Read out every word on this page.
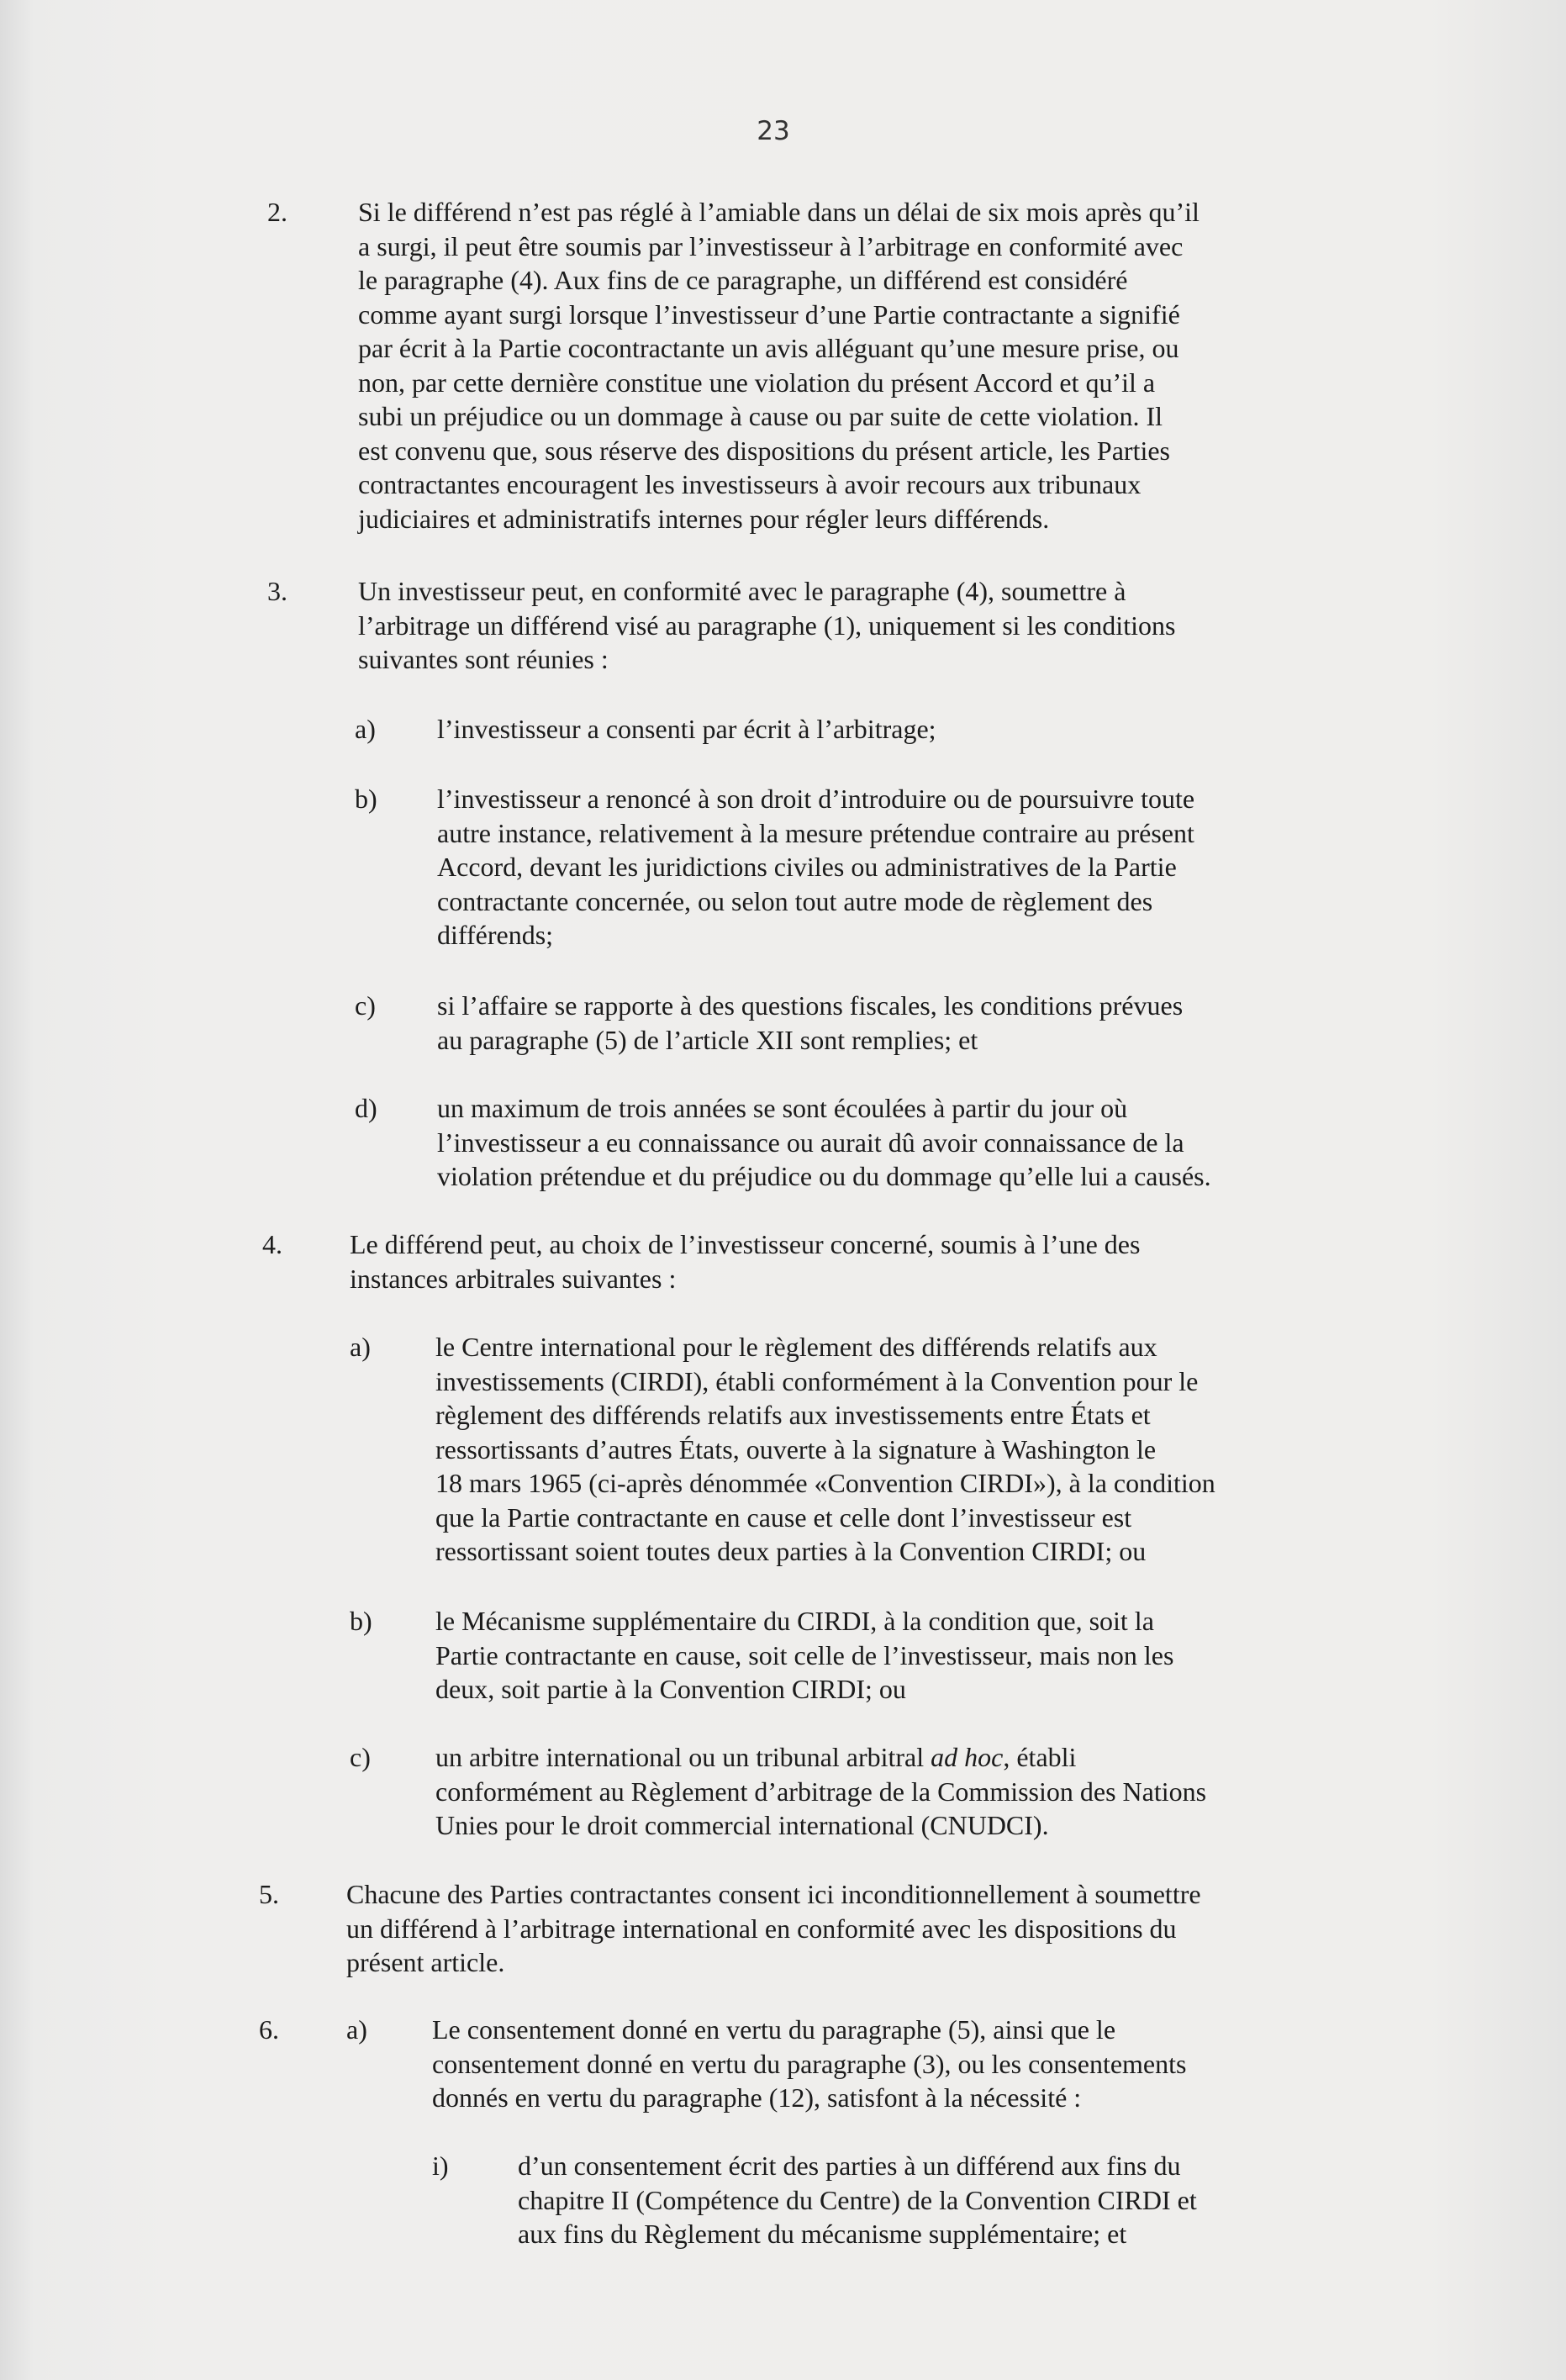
23
2.	Si le différend n’est pas réglé à l’amiable dans un délai de six mois après qu’il
a surgi, il peut être soumis par l’investisseur à l’arbitrage en conformité avec
le paragraphe (4). Aux fins de ce paragraphe, un différend est considéré
comme ayant surgi lorsque l’investisseur d’une Partie contractante a signifié
par écrit à la Partie cocontractante un avis alléguant qu’une mesure prise, ou
non, par cette dernière constitue une violation du présent Accord et qu’il a
subi un préjudice ou un dommage à cause ou par suite de cette violation. Il
est convenu que, sous réserve des dispositions du présent article, les Parties
contractantes encouragent les investisseurs à avoir recours aux tribunaux
judiciaires et administratifs internes pour régler leurs différends.
3.	Un investisseur peut, en conformité avec le paragraphe (4), soumettre à
l’arbitrage un différend visé au paragraphe (1), uniquement si les conditions
suivantes sont réunies :
a) l’investisseur a consenti par écrit à l’arbitrage;
b) l’investisseur a renoncé à son droit d’introduire ou de poursuivre toute
autre instance, relativement à la mesure prétendue contraire au présent
Accord, devant les juridictions civiles ou administratives de la Partie
contractante concernée, ou selon tout autre mode de règlement des
différends;
c) si l’affaire se rapporte à des questions fiscales, les conditions prévues
au paragraphe (5) de l’article XII sont remplies; et
d) un maximum de trois années se sont écoulées à partir du jour où
l’investisseur a eu connaissance ou aurait dû avoir connaissance de la
violation prétendue et du préjudice ou du dommage qu’elle lui a causés.
4.	Le différend peut, au choix de l’investisseur concerné, soumis à l’une des
instances arbitrales suivantes :
a) le Centre international pour le règlement des différends relatifs aux
investissements (CIRDI), établi conformément à la Convention pour le
règlement des différends relatifs aux investissements entre États et
ressortissants d’autres États, ouverte à la signature à Washington le
18 mars 1965 (ci-après dénommée «Convention CIRDI»), à la condition
que la Partie contractante en cause et celle dont l’investisseur est
ressortissant soient toutes deux parties à la Convention CIRDI; ou
b) le Mécanisme supplémentaire du CIRDI, à la condition que, soit la
Partie contractante en cause, soit celle de l’investisseur, mais non les
deux, soit partie à la Convention CIRDI; ou
c) un arbitre international ou un tribunal arbitral ad hoc, établi
conformément au Règlement d’arbitrage de la Commission des Nations
Unies pour le droit commercial international (CNUDCI).
5.	Chacune des Parties contractantes consent ici inconditionnellement à soumettre
un différend à l’arbitrage international en conformité avec les dispositions du
présent article.
6.	a) Le consentement donné en vertu du paragraphe (5), ainsi que le
consentement donné en vertu du paragraphe (3), ou les consentements
donnés en vertu du paragraphe (12), satisfont à la nécessité :
i)	d’un consentement écrit des parties à un différend aux fins du
chapitre II (Compétence du Centre) de la Convention CIRDI et
aux fins du Règlement du mécanisme supplémentaire; et
